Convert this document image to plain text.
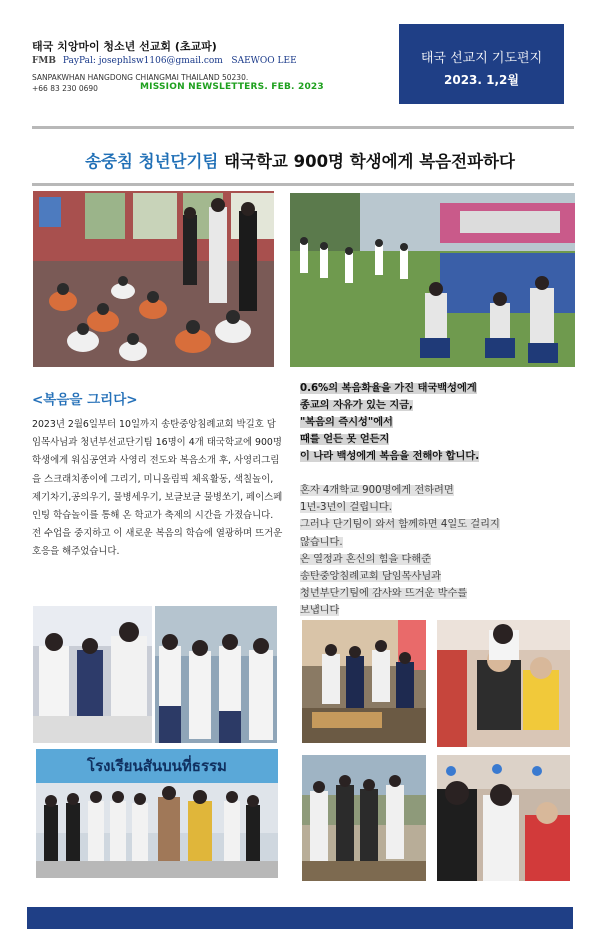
태국 치앙마이 청소년 선교회 (초교파)
FMB PayPal: josephlsw1106@gmail.com SAEWOO LEE
SANPAKWHAN HANGDONG CHIANGMAI THAILAND 50230.
+66 83 230 0690	MISSION NEWSLETTERS. FEB. 2023
태국 선교지 기도편지
2023. 1,2월
송중침 청년단기팀 태국학교 900명 학생에게 복음전파하다
<복음을 그리다>
2023년 2월6일부터 10일까지 송탄중앙침례교회 박길호 담임목사님과 청년부선교단기팀 16명이 4개 태국학교에 900명 학생에게 워십공연과 사영리 전도와 복음소개 후, 사영리그림을 스크래치종이에 그리기, 미니올림픽 체육활동, 색칠놀이, 제기차기,공의우기, 물병세우기, 보글보글 물병쏘기, 페이스페인팅 학습놀이를 통해 온 학교가 축제의 시간을 가졌습니다. 전 수업을 중지하고 이 새로운 복음의 학습에 열광하며 뜨거운 호응을 해주었습니다.
0.6%의 복음화율을 가진 태국백성에게
종교의 자유가 있는 지금,
"복음의 즉시성"에서
때를 얻든 못 얻든지
이 나라 백성에게 복음을 전해야 합니다.
혼자 4개학교 900명에게 전하려면
1년-3년이 걸립니다.
그러나 단기팀이 와서 함께하면 4일도 걸리지
않습니다.
온 열정과 혼신의 힘을 다해준
송탄중앙침례교회 담임목사님과
청년부단기팀에 감사와 뜨거운 박수를
보냅니다
โรงเรียนสันบนที่ธรรม
